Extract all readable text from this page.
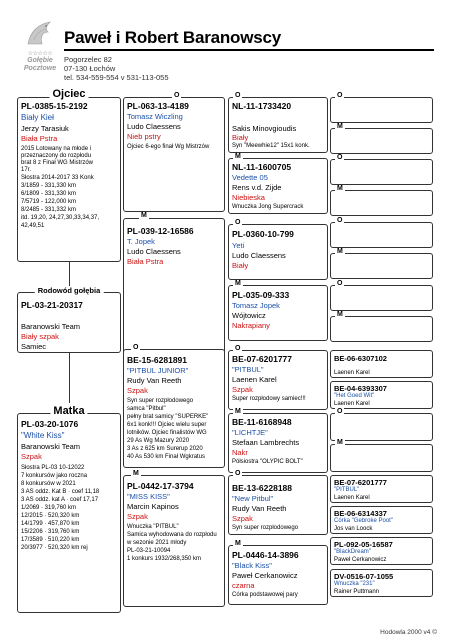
☆☆☆☆☆
Gołębie
Pocztowe
Paweł i Robert Baranowscy
Pogorzelec 82
07-130 Łochów
tel. 534-559-554 v 531-113-055
PL-0385-15-2192
Biały Kieł
Jerzy Tarasiuk
Biała Pstra
2015 Lotowany na młode i
przeznaczony do rozpłodu
brat 8 z Finał WG Mistrzów
17r.
Słostra 2014-2017 33 Konk
3/1859 - 331,330 km
6/1809 - 331,330 km
7/5719 - 122,000 km
8/2485 - 331,332 km
itd. 19,20, 24,27,30,33,34,37,
42,49,51
Ojciec
PL-03-21-20317
Baranowski Team
Biały szpak
Samiec
Rodowód gołębia
PL-03-20-1076
"White Kiss"
Baranowski Team
Szpak
Słostra PL-03 10-12022
7 konkursów jako roczna
8 konkursów w 2021
3 AS oddz. Kat B · coef 11,18
3 AS oddz. kat A · coef 17,17
1/2069 · 319,760 km
12/2015 · 520,320 km
14/1799 · 457,870 km
15/2206 · 319,760 km
17/3589 · 510,220 km
20/3977 · 520,320 km rej
Matka
PL-063-13-4189
Tomasz Wiczling
Ludo Claessens
Nieb pstry
Ojciec 6-ego finał Wg Mistrzów
O
PL-039-12-16586
T. Jopek
Ludo Claessens
Biała Pstra
M
BE-15-6281891
"PITBUL JUNIOR"
Rudy Van Reeth
Szpak
Syn super rozpłodowego
samca "Pitbul"
pełny brat samicy "SUPERKE"
6x1 konk!!! Ojciec wielu super
lotników. Ojciec finalistów WG
29 As Wg Mazury 2020
3 As z 625 km Surerup 2020
40 As 530 km Finał Wgkratus
O
PL-0442-17-3794
"MISS KISS"
Marcin Kapinos
Szpak
Wnuczka "PITBUL"
Samica wyhodowana do rozpłodu
w sezonie 2021 młody
PL-03-21-10094
1 konkurs 1932/268,350 km
M
NL-11-1733420
Sakis Minovgioudis
Biały
Syn "Meewhie12" 15x1 konk.
O
NL-11-1600705
Vedette 05
Rens v.d. Zijde
Niebieska
Wnuczka Jong Supercrack
M
PL-0360-10-799
Yeti
Ludo Claessens
Biały
O
PL-035-09-333
Tomasz Jopek
Wójtowicz
Nakrapiany
M
BE-07-6201777
"PITBUL"
Laenen Karel
Szpak
Super rozpłodowy samiec!!!
O
BE-11-6168948
"LICHTJE"
Stefaan Lambrechts
Nakr
Półsiostra "OLYPIC BOLT"
M
BE-13-6228188
"New Pitbul"
Rudy Van Reeth
Szpak
Syn super rozpłodowego
O
PL-0446-14-3896
"Black Kiss"
Paweł Cerkanowicz
czarna
Córka podstawowej pary
M
O
M
O
M
O
M
O
M
BE-06-6307102
Laenen Karel
BE-04-6393307
"Het Goed Wit"
Laenen Karel
O
M
BE-07-6201777
"PITBUL"
Laenen Karel
BE-06-6314337
Córka "Gebroke Poot"
Jos van Loock
PL-092-05-16587
"BlackDream"
Paweł Cerkanowicz
DV-0516-07-1055
Wnuczka "231"
Rainer Puttmann
Hodowla 2000 v4 ©
